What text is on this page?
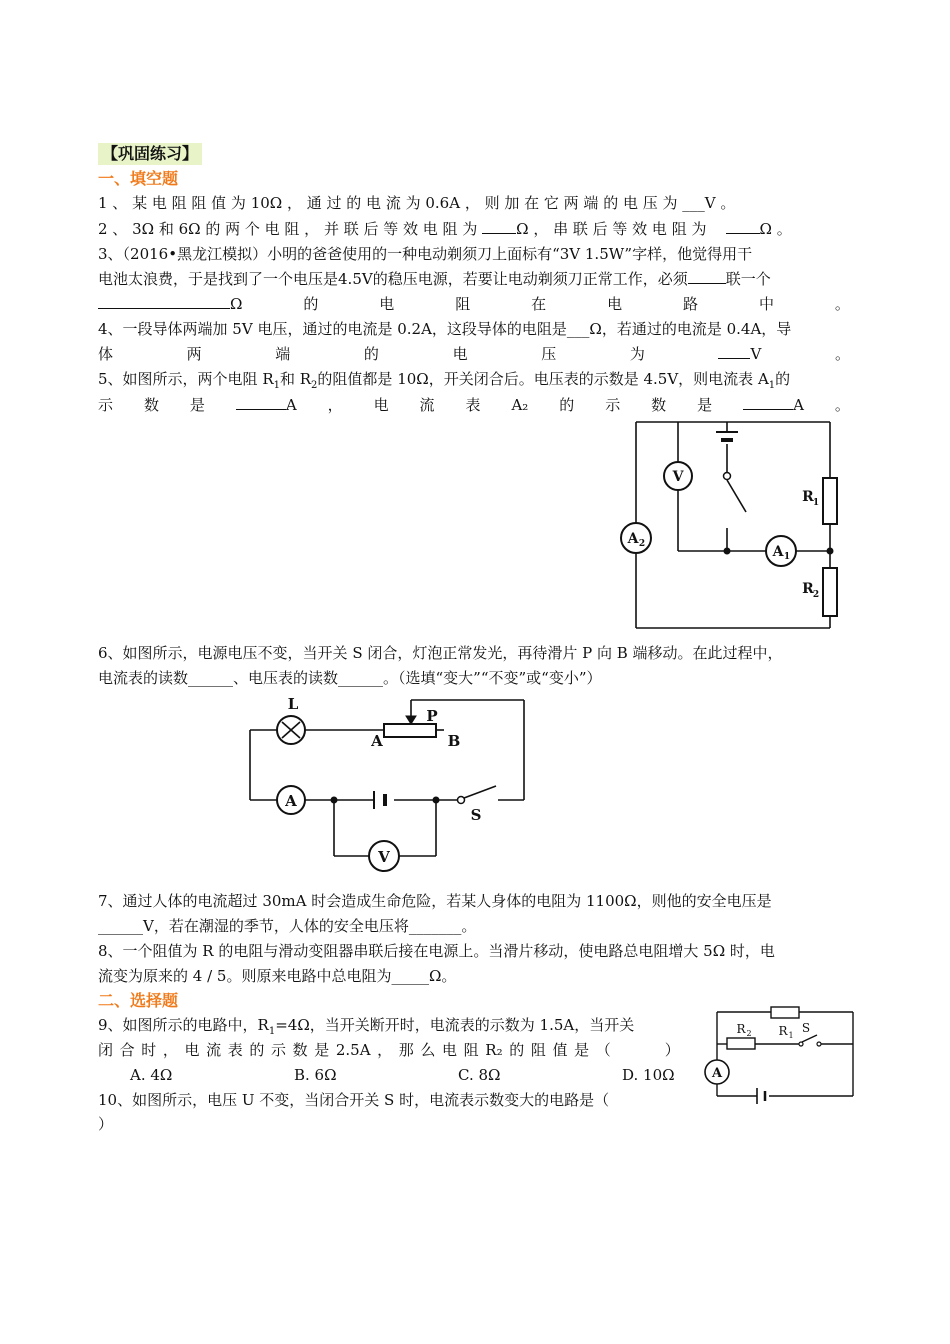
【巩固练习】
一、填空题
1 、 某 电 阻 阻 值 为 10Ω ， 通 过 的 电 流 为 0.6A ， 则 加 在 它 两 端 的 电 压 为 ___V 。
2 、 3Ω 和 6Ω 的 两 个 电 阻 ， 并 联 后 等 效 电 阻 为 Ω ， 串 联 后 等 效 电 阻 为	Ω 。
3、（2016•黑龙江模拟）小明的爸爸使用的一种电动剃须刀上面标有“3V 1.5W”字样，他觉得用干
电池太浪费，于是找到了一个电压是4.5V的稳压电源，若要让电动剃须刀正常工作，必须	联一个
Ω	的	电	阻	在	电	路	中	。
4、一段导体两端加 5V 电压，通过的电流是 0.2A，这段导体的电阻是___Ω，若通过的电流是 0.4A，导
体	两	端	的	电	压	为	V	。
5、如图所示，两个电阻 $R_1$和 $R_2$的阻值都是 10Ω，开关闭合后。电压表的示数是 4.5V，则电流表 $A_1$的
示 数 是	A ， 电 流 表 A₂ 的 示 数 是	A 。
V
A 2	A 1
R 1
R 2
6、如图所示，电源电压不变，当开关 S 闭合，灯泡正常发光，再待滑片 P 向 B 端移动。在此过程中，
电流表的读数______、电压表的读数______。（选填“变大”“不变”或“变小”）
L
P
A	B
S
A
V
7、通过人体的电流超过 30mA 时会造成生命危险，若某人身体的电阻为 1100Ω，则他的安全电压是
______V，若在潮湿的季节，人体的安全电压将_______。
8、一个阻值为 R 的电阻与滑动变阻器串联后接在电源上。当滑片移动，使电路总电阻增大 5Ω 时，电
流变为原来的 4 / 5。则原来电路中总电阻为_____Ω。
二、选择题
9、如图所示的电路中，$R_1=4\Omega$，当开关断开时，电流表的示数为 1.5A，当开关
闭 合 时 ， 电 流 表 的 示 数 是 2.5A ， 那 么 电 阻 R₂ 的 阻 值 是 （	）
A. 4Ω	B. 6Ω	C. 8Ω	D. 10Ω
R 1
R 2	S
A
10、如图所示，电压 U 不变，当闭合开关 S 时，电流表示数变大的电路是（
）
